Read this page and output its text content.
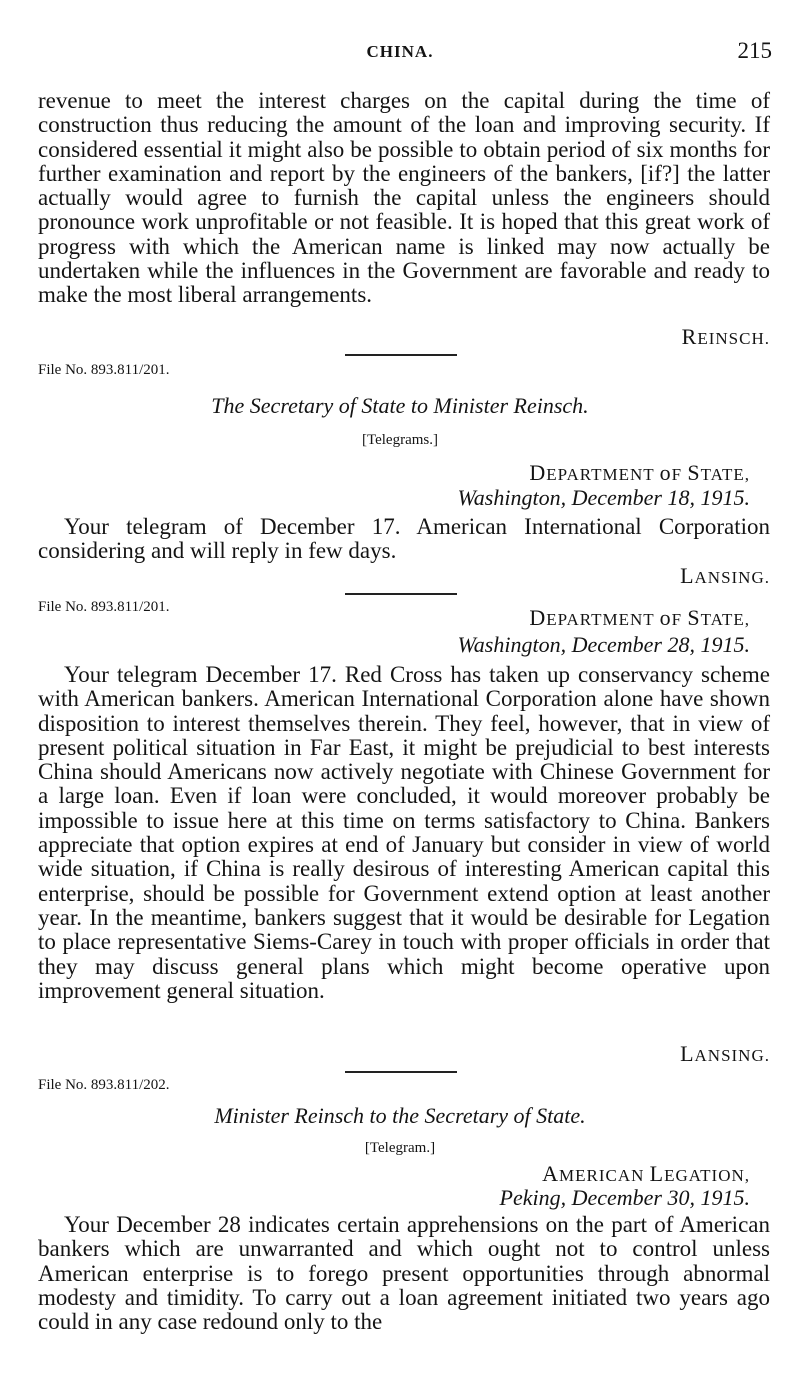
CHINA.	215

revenue to meet the interest charges on the capital during the time of construction thus reducing the amount of the loan and improving security. If considered essential it might also be possible to obtain period of six months for further examination and report by the engineers of the bankers, [if?] the latter actually would agree to furnish the capital unless the engineers should pronounce work unprofitable or not feasible. It is hoped that this great work of progress with which the American name is linked may now actually be undertaken while the influences in the Government are favorable and ready to make the most liberal arrangements.

REINSCH.
File No. 893.811/201.
The Secretary of State to Minister Reinsch.
[Telegrams.]
DEPARTMENT oF STATE,
Washington, December 18, 1915.

Your telegram of December 17. American International Corporation considering and will reply in few days.

LANSING.
File No. 893.811/201.	DEPARTMENT oF STATE,
Washington, December 28, 1915.

Your telegram December 17. Red Cross has taken up conservancy scheme with American bankers. American International Corporation alone have shown disposition to interest themselves therein. They feel, however, that in view of present political situation in Far East, it might be prejudicial to best interests China should Americans now actively negotiate with Chinese Government for a large loan. Even if loan were concluded, it would moreover probably be impossible to issue here at this time on terms satisfactory to China. Bankers appreciate that option expires at end of January but consider in view of world wide situation, if China is really desirous of interesting American capital this enterprise, should be possible for Government extend option at least another year. In the meantime, bankers suggest that it would be desirable for Legation to place representative Siems-Carey in touch with proper officials in order that they may discuss general plans which might become operative upon improvement general situation.

LANSING.
File No. 893.811/202.
Minister Reinsch to the Secretary of State.
[Telegram.]
AMERICAN LEGATION,
Peking, December 30, 1915.

Your December 28 indicates certain apprehensions on the part of American bankers which are unwarranted and which ought not to control unless American enterprise is to forego present opportunities through abnormal modesty and timidity. To carry out a loan agreement initiated two years ago could in any case redound only to the
